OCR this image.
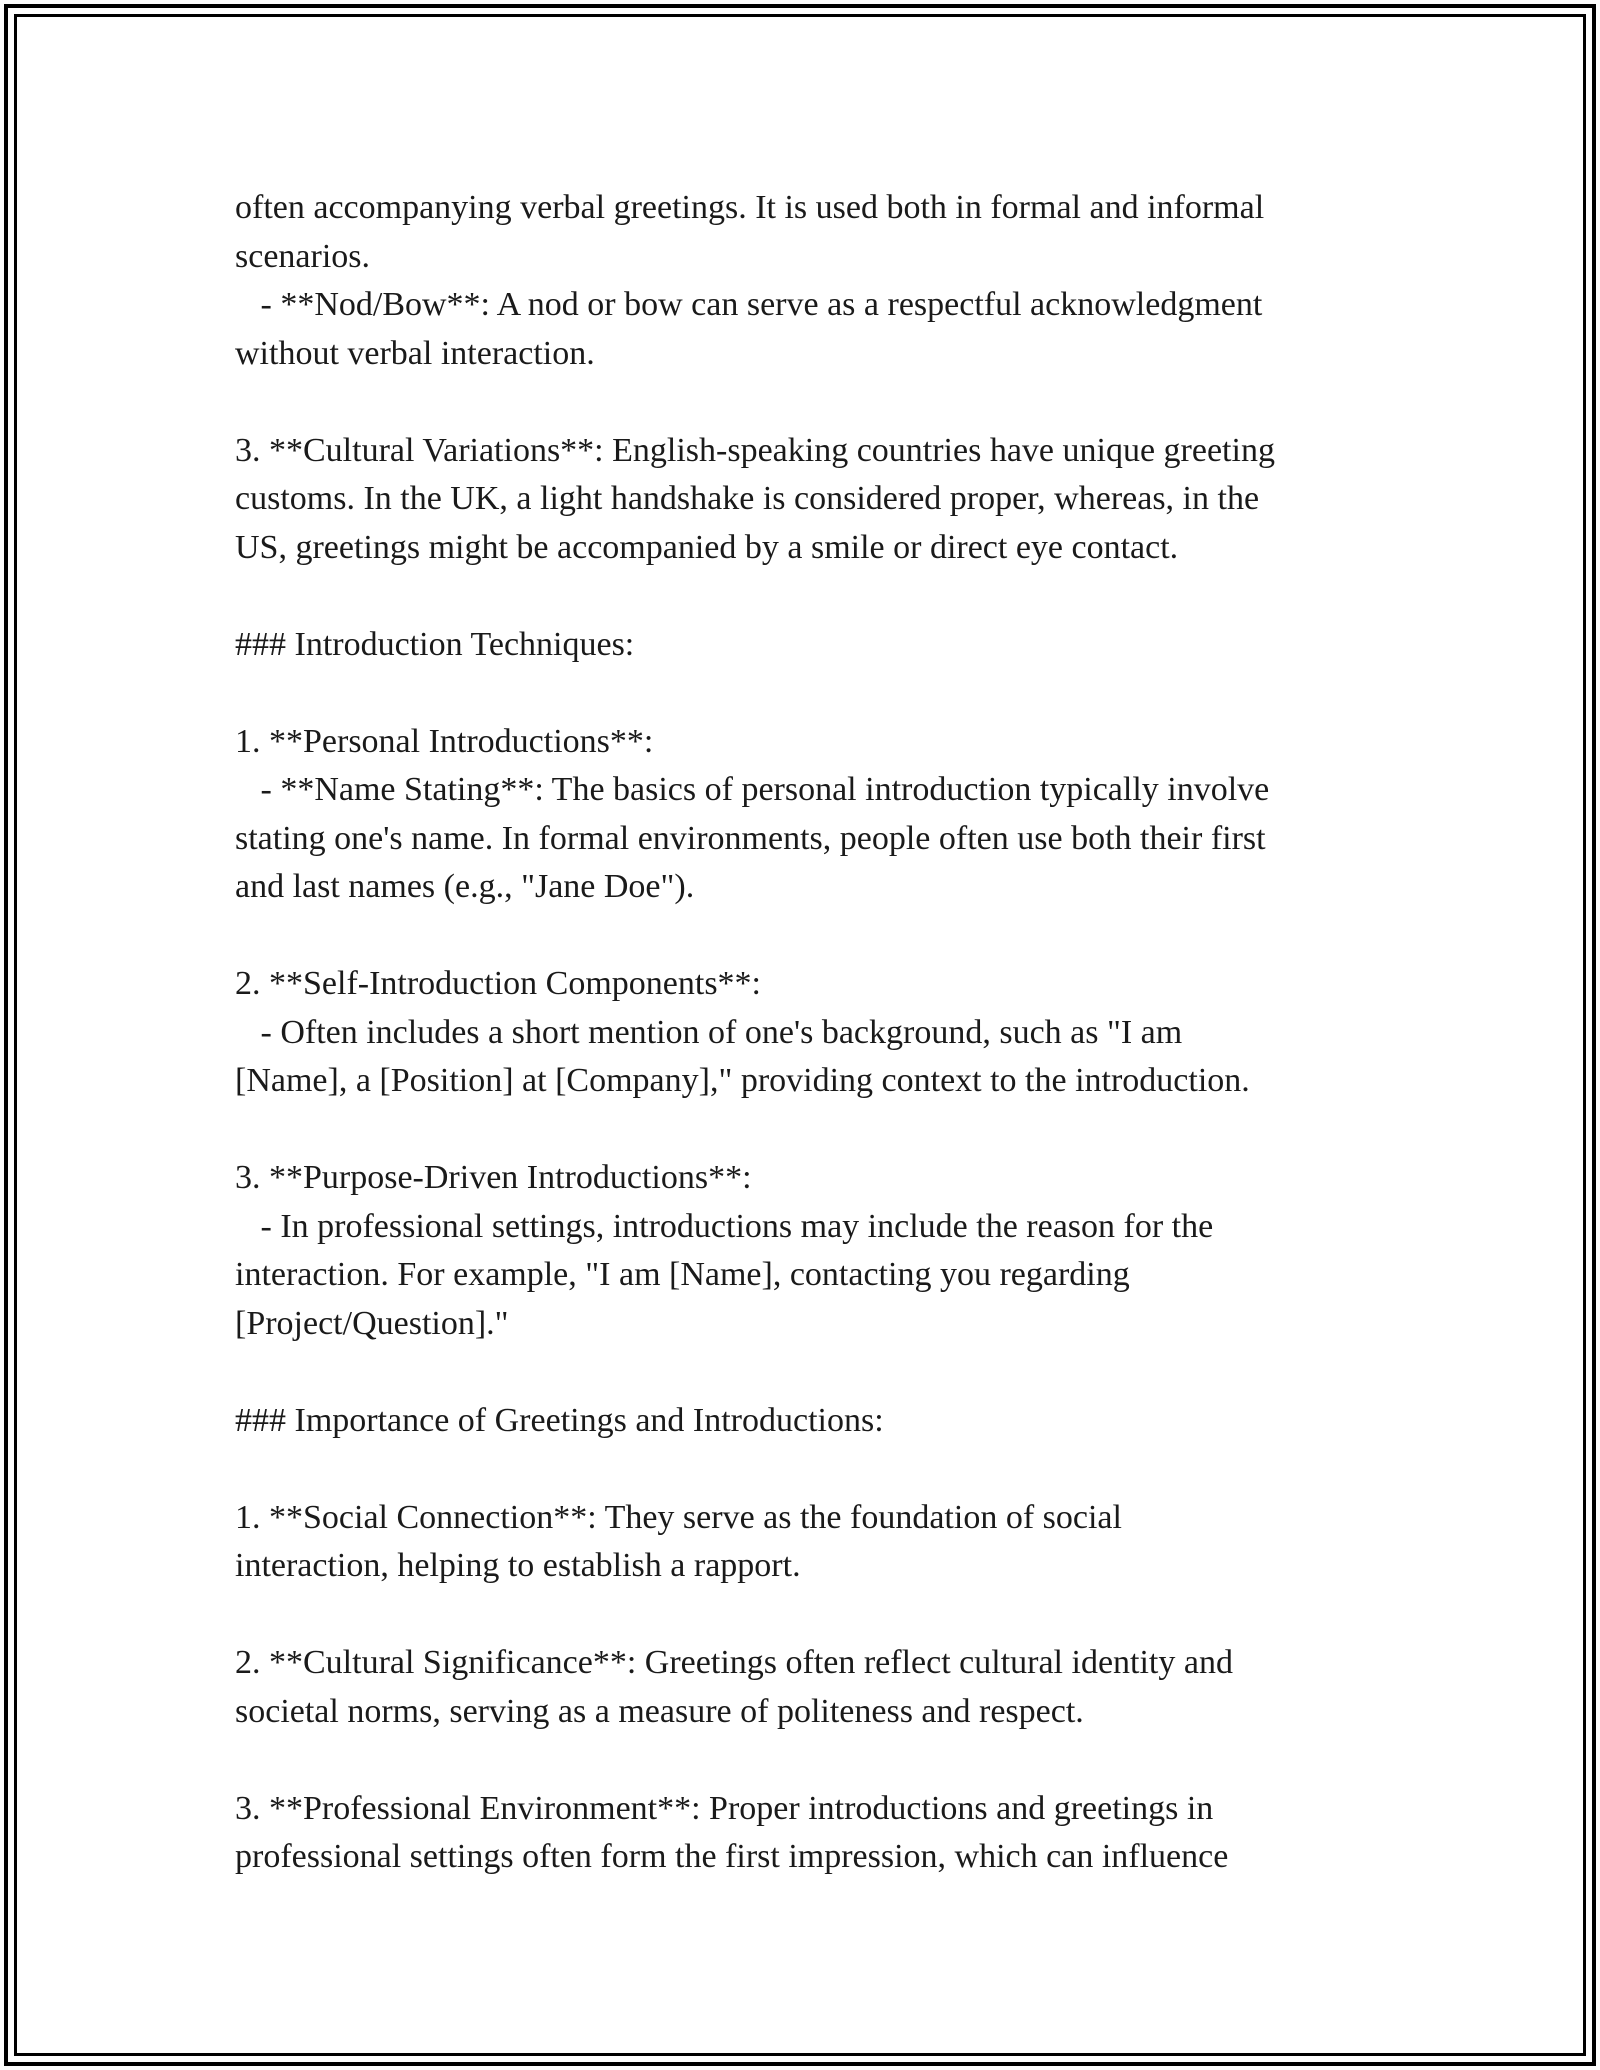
often accompanying verbal greetings. It is used both in formal and informal
scenarios.
- **Nod/Bow**: A nod or bow can serve as a respectful acknowledgment
without verbal interaction.
3. **Cultural Variations**: English-speaking countries have unique greeting
customs. In the UK, a light handshake is considered proper, whereas, in the
US, greetings might be accompanied by a smile or direct eye contact.
### Introduction Techniques:
1. **Personal Introductions**:
- **Name Stating**: The basics of personal introduction typically involve
stating one's name. In formal environments, people often use both their first
and last names (e.g., "Jane Doe").
2. **Self-Introduction Components**:
- Often includes a short mention of one's background, such as "I am
[Name], a [Position] at [Company]," providing context to the introduction.
3. **Purpose-Driven Introductions**:
- In professional settings, introductions may include the reason for the
interaction. For example, "I am [Name], contacting you regarding
[Project/Question]."
### Importance of Greetings and Introductions:
1. **Social Connection**: They serve as the foundation of social
interaction, helping to establish a rapport.
2. **Cultural Significance**: Greetings often reflect cultural identity and
societal norms, serving as a measure of politeness and respect.
3. **Professional Environment**: Proper introductions and greetings in
professional settings often form the first impression, which can influence
